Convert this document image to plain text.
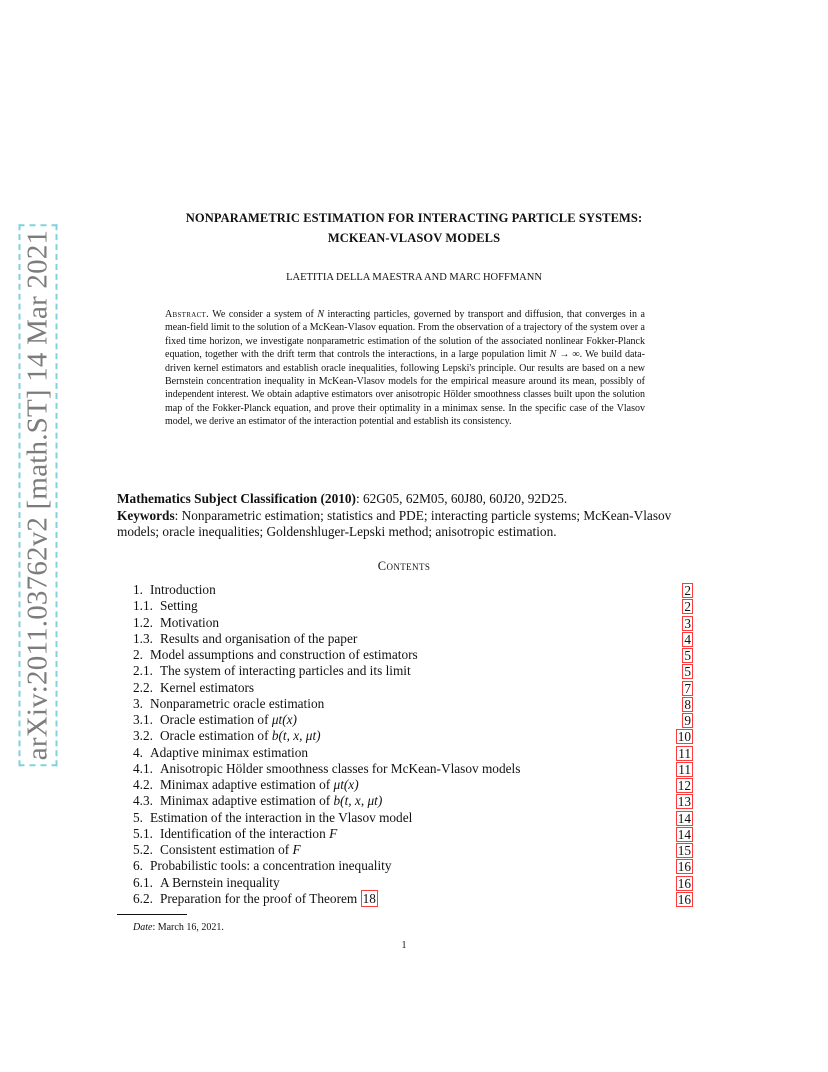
arXiv:2011.03762v2 [math.ST] 14 Mar 2021
NONPARAMETRIC ESTIMATION FOR INTERACTING PARTICLE SYSTEMS:
MCKEAN-VLASOV MODELS
LAETITIA DELLA MAESTRA AND MARC HOFFMANN
Abstract. We consider a system of N interacting particles, governed by transport and diffusion, that converges in a mean-field limit to the solution of a McKean-Vlasov equation. From the observation of a trajectory of the system over a fixed time horizon, we investigate nonparametric estimation of the solution of the associated nonlinear Fokker-Planck equation, together with the drift term that controls the interactions, in a large population limit N → ∞. We build data-driven kernel estimators and establish oracle inequalities, following Lepski's principle. Our results are based on a new Bernstein concentration inequality in McKean-Vlasov models for the empirical measure around its mean, possibly of independent interest. We obtain adaptive estimators over anisotropic Hölder smoothness classes built upon the solution map of the Fokker-Planck equation, and prove their optimality in a minimax sense. In the specific case of the Vlasov model, we derive an estimator of the interaction potential and establish its consistency.
Mathematics Subject Classification (2010): 62G05, 62M05, 60J80, 60J20, 92D25.
Keywords: Nonparametric estimation; statistics and PDE; interacting particle systems; McKean-Vlasov models; oracle inequalities; Goldenshluger-Lepski method; anisotropic estimation.
Contents
1. Introduction	2
1.1. Setting	2
1.2. Motivation	3
1.3. Results and organisation of the paper	4
2. Model assumptions and construction of estimators	5
2.1. The system of interacting particles and its limit	5
2.2. Kernel estimators	7
3. Nonparametric oracle estimation	8
3.1. Oracle estimation of μt(x)	9
3.2. Oracle estimation of b(t, x, μt)	10
4. Adaptive minimax estimation	11
4.1. Anisotropic Hölder smoothness classes for McKean-Vlasov models	11
4.2. Minimax adaptive estimation of μt(x)	12
4.3. Minimax adaptive estimation of b(t, x, μt)	13
5. Estimation of the interaction in the Vlasov model	14
5.1. Identification of the interaction F	14
5.2. Consistent estimation of F	15
6. Probabilistic tools: a concentration inequality	16
6.1. A Bernstein inequality	16
6.2. Preparation for the proof of Theorem 18	16
Date: March 16, 2021.
1
